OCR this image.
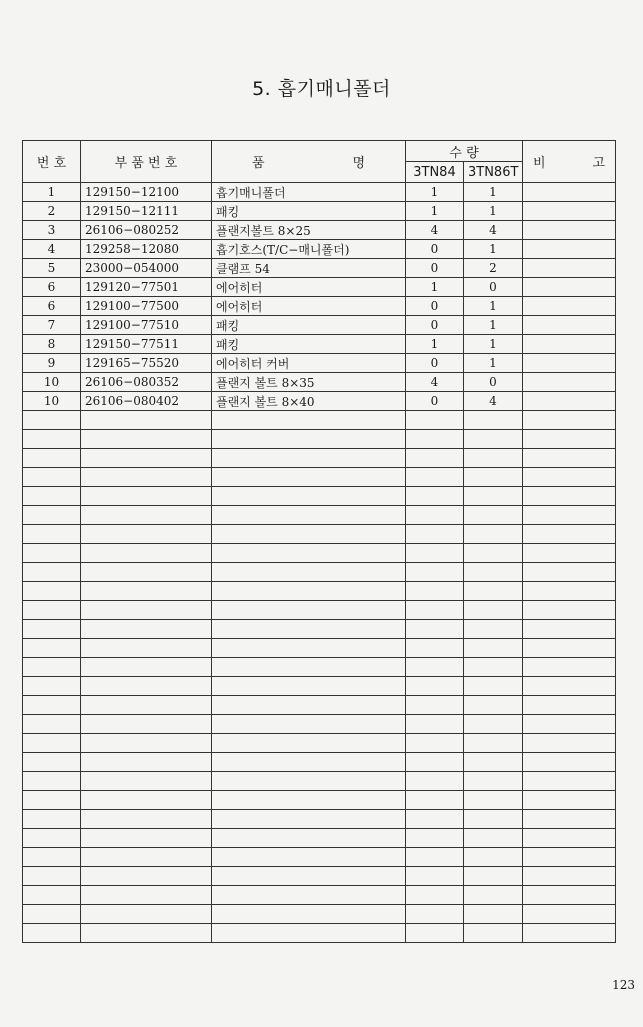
5. 흡기매니폴더
번 호	부 품 번 호	품 명	수 량		비 고

			3TN84	3TN86T	
1	129150−12100	흡기매니폴더	1	1	
2	129150−12111	패킹	1	1	
3	26106−080252	플랜지볼트 8×25	4	4	
4	129258−12080	흡기호스(T/C−매니폴더)	0	1	
5	23000−054000	클램프 54	0	2	
6	129120−77501	에어히터	1	0	
6	129100−77500	에어히터	0	1	
7	129100−77510	패킹	0	1	
8	129150−77511	패킹	1	1	
9	129165−75520	에어히터 커버	0	1	
10	26106−080352	플랜지 볼트 8×35	4	0	
10	26106−080402	플랜지 볼트 8×40	0	4	

123
